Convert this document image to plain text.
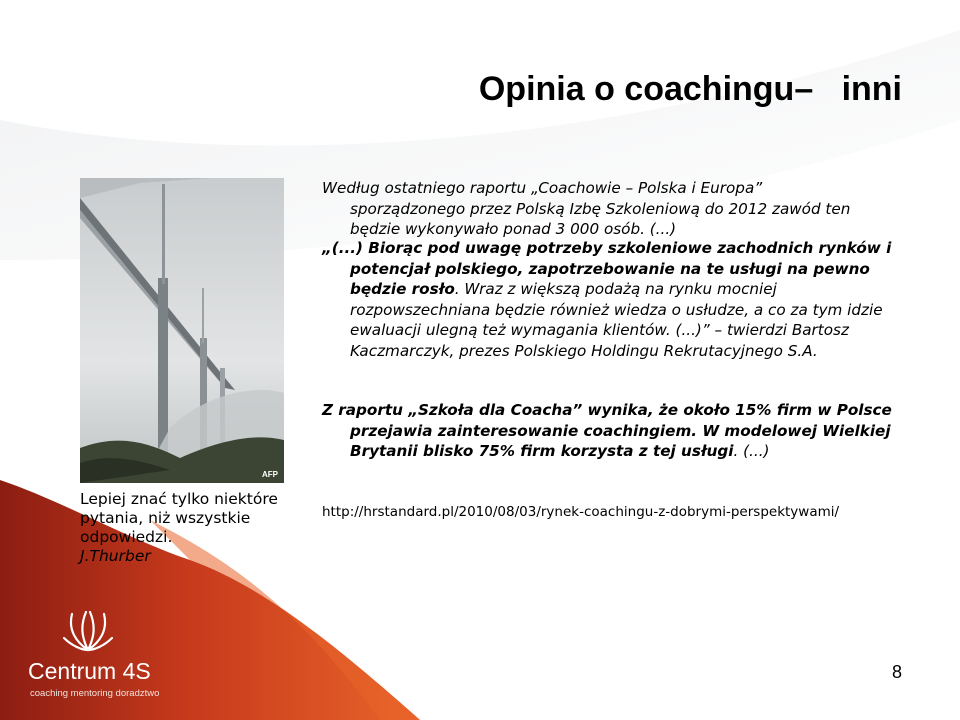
Opinia o coachingu–   inni
AFP
Lepiej znać tylko niektóre pytania, niż wszystkie odpowiedzi.
J.Thurber

Według ostatniego raportu „Coachowie – Polska i Europa”
sporządzonego przez Polską Izbę Szkoleniową do 2012 zawód ten będzie wykonywało ponad 3 000 osób. (...)

„(...) Biorąc pod uwagę potrzeby szkoleniowe zachodnich rynków i potencjał polskiego, zapotrzebowanie na te usługi na pewno będzie rosło. Wraz z większą podażą na rynku mocniej rozpowszechniana będzie również wiedza o usłudze, a co za tym idzie ewaluacji ulegną też wymagania klientów. (...)” – twierdzi Bartosz Kaczmarczyk, prezes Polskiego Holdingu Rekrutacyjnego S.A.

Z raportu „Szkoła dla Coacha” wynika, że około 15% firm w Polsce przejawia zainteresowanie coachingiem. W modelowej Wielkiej Brytanii blisko 75% firm korzysta z tej usługi. (...)

http://hrstandard.pl/2010/08/03/rynek-coachingu-z-dobrymi-perspektywami/
Centrum 4S
coaching mentoring doradztwo
8
